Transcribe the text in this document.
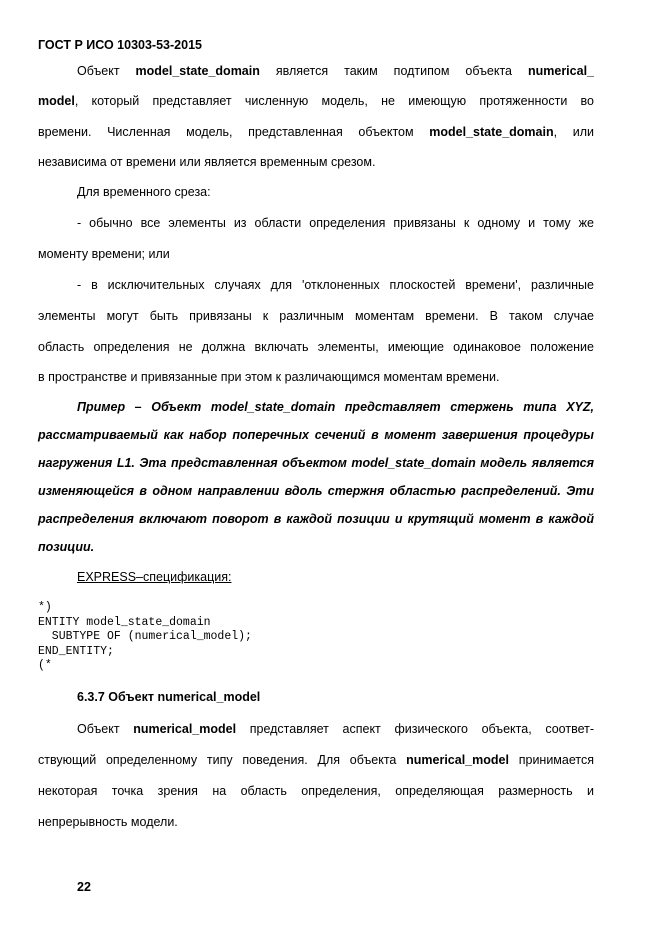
ГОСТ Р ИСО 10303-53-2015
Объект model_state_domain является таким подтипом объекта numerical_
model, который представляет численную модель, не имеющую протяженности во
времени. Численная модель, представленная объектом model_state_domain, или
независима от времени или является временным срезом.
Для временного среза:
- обычно все элементы из области определения привязаны к одному и тому же
моменту времени; или
- в исключительных случаях для 'отклоненных плоскостей времени', различные
элементы могут быть привязаны к различным моментам времени. В таком случае
область определения не должна включать элементы, имеющие одинаковое положение
в пространстве и привязанные при этом к различающимся моментам времени.
Пример – Объект model_state_domain представляет стержень типа XYZ,
рассматриваемый как набор поперечных сечений в момент завершения процедуры
нагружения L1. Эта представленная объектом model_state_domain модель является
изменяющейся в одном направлении вдоль стержня областью распределений. Эти
распределения включают поворот в каждой позиции и крутящий момент в каждой
позиции.
EXPRESS–спецификация:
*)
ENTITY model_state_domain
SUBTYPE OF (numerical_model);
END_ENTITY;
(*
6.3.7 Объект numerical_model
Объект numerical_model представляет аспект физического объекта, соответ-
ствующий определенному типу поведения. Для объекта numerical_model принимается
некоторая точка зрения на область определения, определяющая размерность и
непрерывность модели.
22
